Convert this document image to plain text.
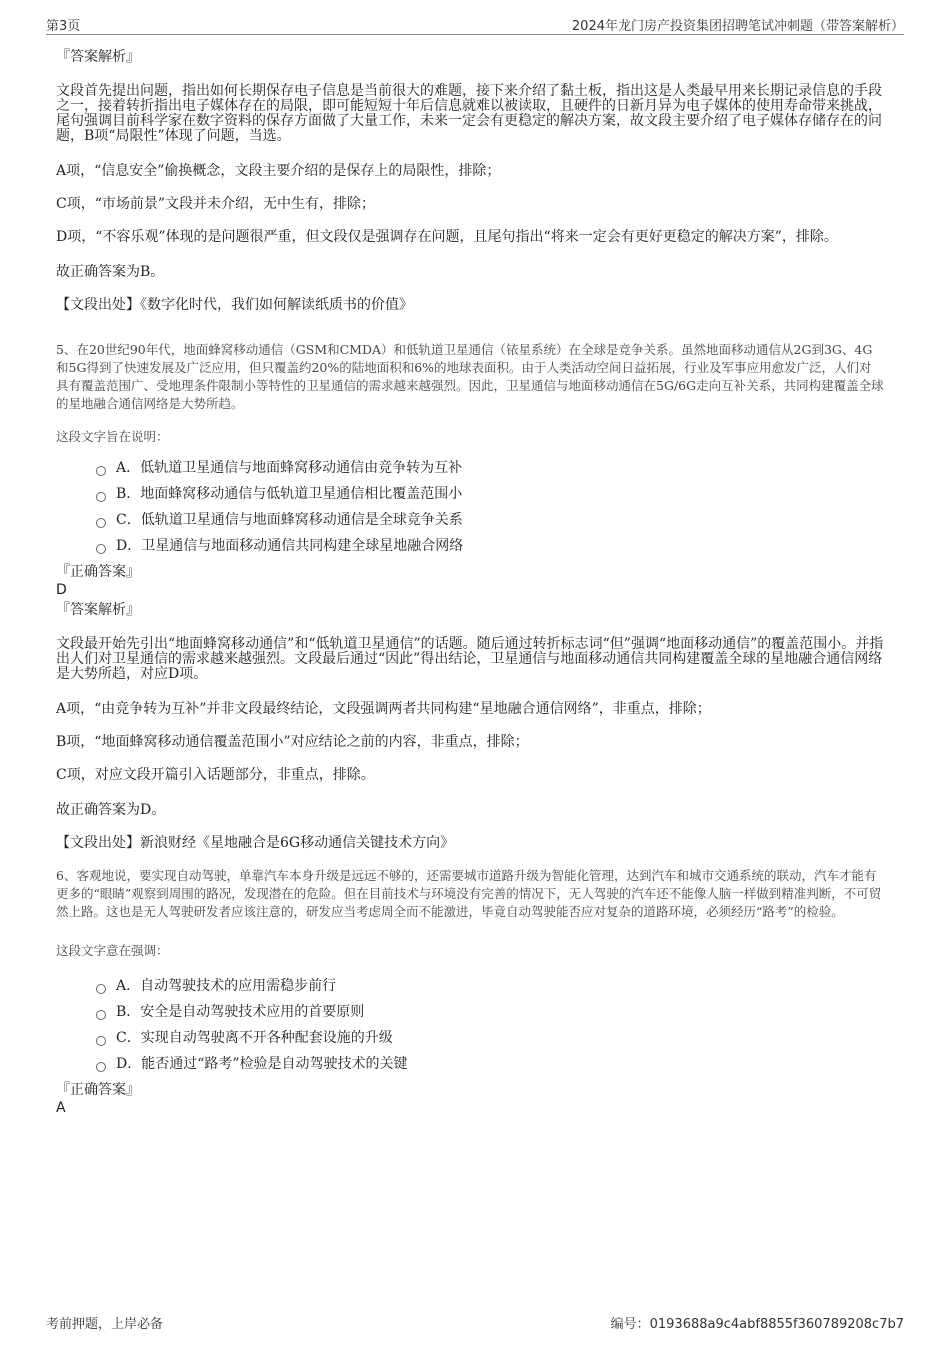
第3页	2024年龙门房产投资集团招聘笔试冲刺题（带答案解析）

『答案解析』

文段首先提出问题，指出如何长期保存电子信息是当前很大的难题，接下来介绍了黏土板，指出这是人类最早用来长期记录信息的手段之一，接着转折指出电子媒体存在的局限，即可能短短十年后信息就难以被读取，且硬件的日新月异为电子媒体的使用寿命带来挑战，尾句强调目前科学家在数字资料的保存方面做了大量工作，未来一定会有更稳定的解决方案，故文段主要介绍了电子媒体存储存在的问题，B项“局限性”体现了问题，当选。

A项，“信息安全”偷换概念，文段主要介绍的是保存上的局限性，排除；

C项，“市场前景”文段并未介绍，无中生有，排除；

D项，“不容乐观”体现的是问题很严重，但文段仅是强调存在问题，且尾句指出“将来一定会有更好更稳定的解决方案”，排除。

故正确答案为B。

【文段出处】《数字化时代，我们如何解读纸质书的价值》

5、在20世纪90年代，地面蜂窝移动通信（GSM和CMDA）和低轨道卫星通信（铱星系统）在全球是竞争关系。虽然地面移动通信从2G到3G、4G和5G得到了快速发展及广泛应用，但只覆盖约20%的陆地面积和6%的地球表面积。由于人类活动空间日益拓展，行业及军事应用愈发广泛，人们对具有覆盖范围广、受地理条件限制小等特性的卫星通信的需求越来越强烈。因此，卫星通信与地面移动通信在5G/6G走向互补关系，共同构建覆盖全球的星地融合通信网络是大势所趋。

这段文字旨在说明：

A．低轨道卫星通信与地面蜂窝移动通信由竞争转为互补
B．地面蜂窝移动通信与低轨道卫星通信相比覆盖范围小
C．低轨道卫星通信与地面蜂窝移动通信是全球竞争关系
D．卫星通信与地面移动通信共同构建全球星地融合网络

『正确答案』

D

『答案解析』

文段最开始先引出“地面蜂窝移动通信”和“低轨道卫星通信”的话题。随后通过转折标志词“但”强调“地面移动通信”的覆盖范围小。并指出人们对卫星通信的需求越来越强烈。文段最后通过“因此”得出结论，卫星通信与地面移动通信共同构建覆盖全球的星地融合通信网络是大势所趋，对应D项。

A项，“由竞争转为互补”并非文段最终结论，文段强调两者共同构建“星地融合通信网络”，非重点，排除；

B项，“地面蜂窝移动通信覆盖范围小”对应结论之前的内容，非重点，排除；

C项，对应文段开篇引入话题部分，非重点，排除。

故正确答案为D。

【文段出处】新浪财经《星地融合是6G移动通信关键技术方向》

6、客观地说，要实现自动驾驶，单靠汽车本身升级是远远不够的，还需要城市道路升级为智能化管理，达到汽车和城市交通系统的联动，汽车才能有更多的“眼睛”观察到周围的路况，发现潜在的危险。但在目前技术与环境没有完善的情况下，无人驾驶的汽车还不能像人脑一样做到精准判断，不可贸然上路。这也是无人驾驶研发者应该注意的，研发应当考虑周全而不能激进，毕竟自动驾驶能否应对复杂的道路环境，必须经历“路考”的检验。

这段文字意在强调：

A．自动驾驶技术的应用需稳步前行
B．安全是自动驾驶技术应用的首要原则
C．实现自动驾驶离不开各种配套设施的升级
D．能否通过“路考”检验是自动驾驶技术的关键

『正确答案』

A

考前押题，上岸必备	编号：0193688a9c4abf8855f360789208c7b7
